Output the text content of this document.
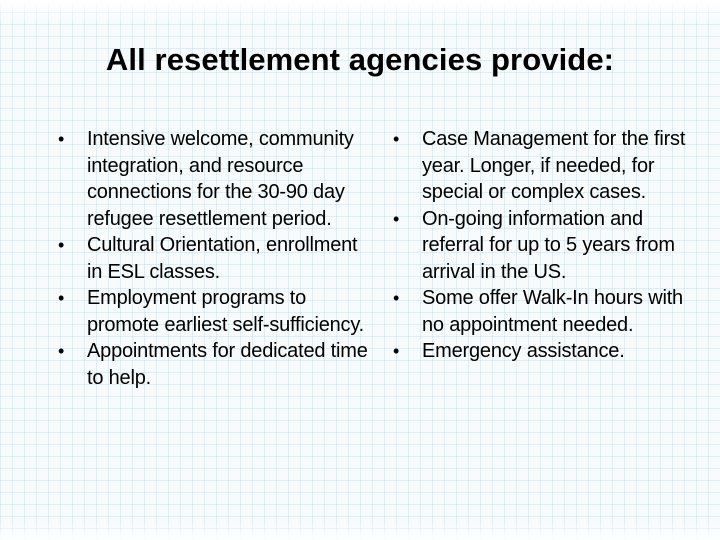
All resettlement agencies provide:
• Intensive welcome, community integration, and resource connections for the 30-90 day refugee resettlement period.
• Cultural Orientation, enrollment in ESL classes.
• Employment programs to promote earliest self-sufficiency.
• Appointments for dedicated time to help.
• Case Management for the first year. Longer, if needed, for special or complex cases.
• On-going information and referral for up to 5 years from arrival in the US.
• Some offer Walk-In hours with no appointment needed.
• Emergency assistance.
